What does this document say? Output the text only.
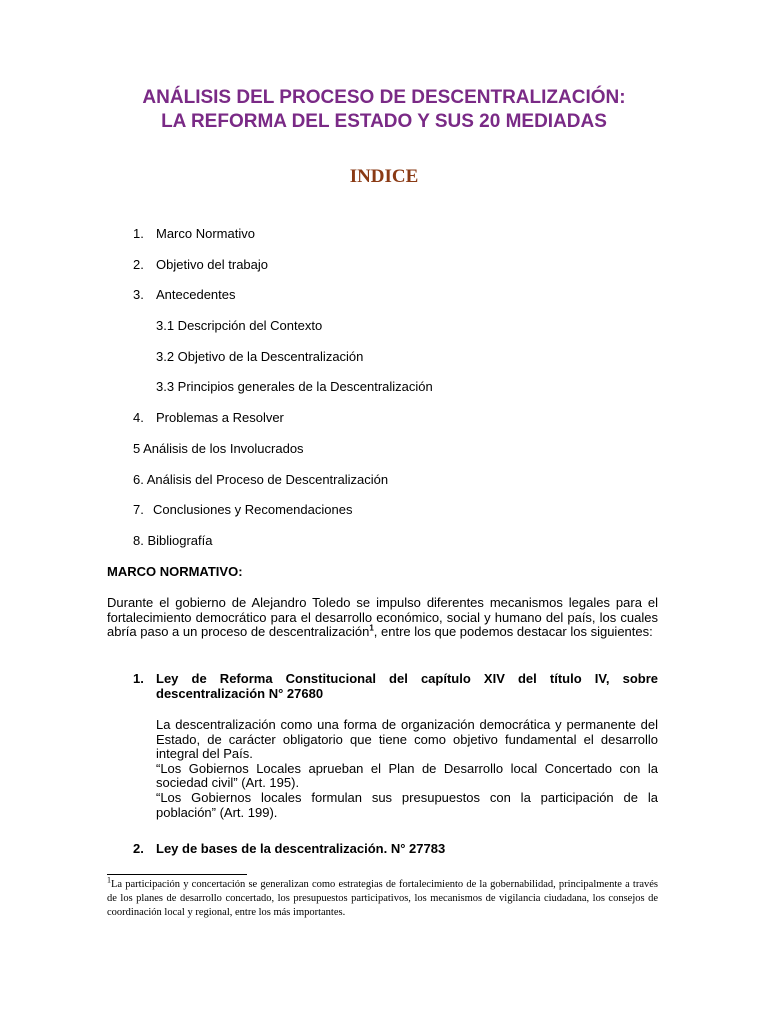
ANÁLISIS DEL PROCESO DE DESCENTRALIZACIÓN:
LA REFORMA DEL ESTADO Y SUS 20 MEDIADAS
INDICE
1. Marco Normativo
2. Objetivo del trabajo
3. Antecedentes
3.1 Descripción del Contexto
3.2 Objetivo de la Descentralización
3.3 Principios generales de la Descentralización
4. Problemas a Resolver
5 Análisis de los Involucrados
6. Análisis del Proceso de Descentralización
7. Conclusiones y Recomendaciones
8. Bibliografía
MARCO NORMATIVO:
Durante el gobierno de Alejandro Toledo se impulso diferentes mecanismos legales para el fortalecimiento democrático para el desarrollo económico, social y humano del país, los cuales abría paso a un proceso de descentralización$^1$, entre los que podemos destacar los siguientes:
1. Ley de Reforma Constitucional del capítulo XIV del título IV, sobre descentralización N° 27680

La descentralización como una forma de organización democrática y permanente del Estado, de carácter obligatorio que tiene como objetivo fundamental el desarrollo integral del País.

“Los Gobiernos Locales aprueban el Plan de Desarrollo local Concertado con la sociedad civil” (Art. 195).

“Los Gobiernos locales formulan sus presupuestos con la participación de la población” (Art. 199).

2. Ley de bases de la descentralización. N° 27783
$^1$La participación y concertación se generalizan como estrategias de fortalecimiento de la gobernabilidad, principalmente a través de los planes de desarrollo concertado, los presupuestos participativos, los mecanismos de vigilancia ciudadana, los consejos de coordinación local y regional, entre los más importantes.
